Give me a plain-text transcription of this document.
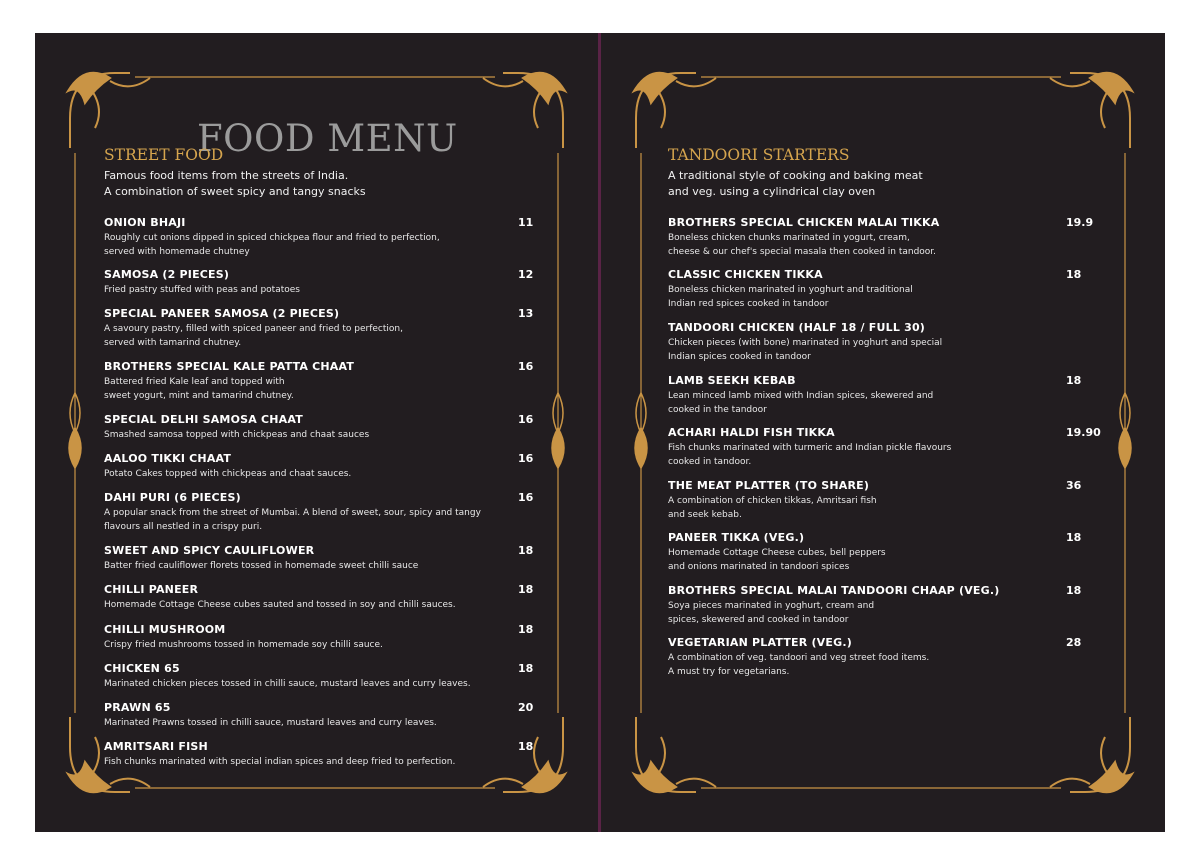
FOOD MENU
STREET FOOD
Famous food items from the streets of India.
A combination of sweet spicy and tangy snacks
ONION BHAJI	11
Roughly cut onions dipped in spiced chickpea flour and fried to perfection,
served with homemade chutney
SAMOSA (2 PIECES)	12
Fried pastry stuffed with peas and potatoes
SPECIAL PANEER SAMOSA (2 PIECES)	13
A savoury pastry, filled with spiced paneer and fried to perfection,
served with tamarind chutney.
BROTHERS SPECIAL KALE PATTA CHAAT	16
Battered fried Kale leaf and topped with
sweet yogurt, mint and tamarind chutney.
SPECIAL DELHI SAMOSA CHAAT	16
Smashed samosa topped with chickpeas and chaat sauces
AALOO TIKKI CHAAT	16
Potato Cakes topped with chickpeas and chaat sauces.
DAHI PURI (6 PIECES)	16
A popular snack from the street of Mumbai. A blend of sweet, sour, spicy and tangy
flavours all nestled in a crispy puri.
SWEET AND SPICY CAULIFLOWER	18
Batter fried cauliflower florets tossed in homemade sweet chilli sauce
CHILLI PANEER	18
Homemade Cottage Cheese cubes sauted and tossed in soy and chilli sauces.
CHILLI MUSHROOM	18
Crispy fried mushrooms tossed in homemade soy chilli sauce.
CHICKEN 65	18
Marinated chicken pieces tossed in chilli sauce, mustard leaves and curry leaves.
PRAWN 65	20
Marinated Prawns tossed in chilli sauce, mustard leaves and curry leaves.
AMRITSARI FISH	18
Fish chunks marinated with special indian spices and deep fried to perfection.
TANDOORI STARTERS
A traditional style of cooking and baking meat
and veg. using a cylindrical clay oven
BROTHERS SPECIAL CHICKEN MALAI TIKKA	19.9
Boneless chicken chunks marinated in yogurt, cream,
cheese & our chef's special masala then cooked in tandoor.
CLASSIC CHICKEN TIKKA	18
Boneless chicken marinated in yoghurt and traditional
Indian red spices cooked in tandoor
TANDOORI CHICKEN (HALF 18 / FULL 30)
Chicken pieces (with bone) marinated in yoghurt and special
Indian spices cooked in tandoor
LAMB SEEKH KEBAB	18
Lean minced lamb mixed with Indian spices, skewered and
cooked in the tandoor
ACHARI HALDI FISH TIKKA	19.90
Fish chunks marinated with turmeric and Indian pickle flavours
cooked in tandoor.
THE MEAT PLATTER (TO SHARE)	36
A combination of chicken tikkas, Amritsari fish
and seek kebab.
PANEER TIKKA (VEG.)	18
Homemade Cottage Cheese cubes, bell peppers
and onions marinated in tandoori spices
BROTHERS SPECIAL MALAI TANDOORI CHAAP (VEG.)	18
Soya pieces marinated in yoghurt, cream and
spices, skewered and cooked in tandoor
VEGETARIAN PLATTER (VEG.)	28
A combination of veg. tandoori and veg street food items.
A must try for vegetarians.
